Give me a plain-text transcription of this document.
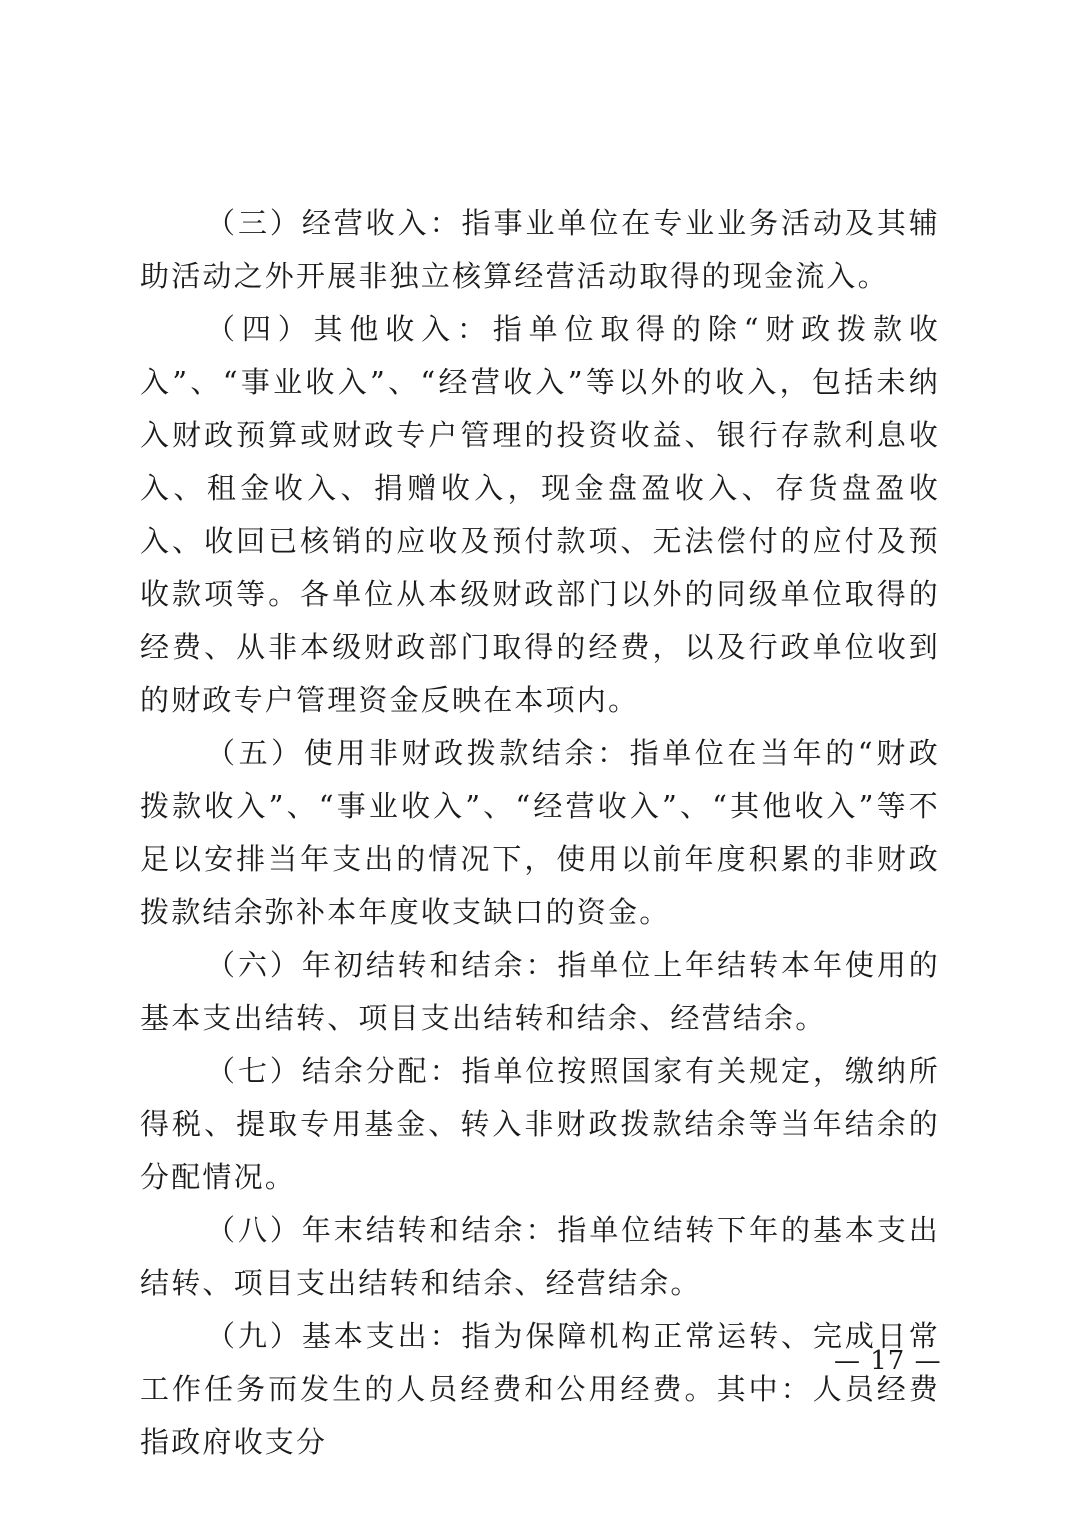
（三）经营收入：指事业单位在专业业务活动及其辅助活动之外开展非独立核算经营活动取得的现金流入。

（四）其他收入：指单位取得的除“财政拨款收入”、“事业收入”、“经营收入”等以外的收入，包括未纳入财政预算或财政专户管理的投资收益、银行存款利息收入、租金收入、捐赠收入，现金盘盈收入、存货盘盈收入、收回已核销的应收及预付款项、无法偿付的应付及预收款项等。各单位从本级财政部门以外的同级单位取得的经费、从非本级财政部门取得的经费，以及行政单位收到的财政专户管理资金反映在本项内。

（五）使用非财政拨款结余：指单位在当年的“财政拨款收入”、“事业收入”、“经营收入”、“其他收入”等不足以安排当年支出的情况下，使用以前年度积累的非财政拨款结余弥补本年度收支缺口的资金。

（六）年初结转和结余：指单位上年结转本年使用的基本支出结转、项目支出结转和结余、经营结余。

（七）结余分配：指单位按照国家有关规定，缴纳所得税、提取专用基金、转入非财政拨款结余等当年结余的分配情况。

（八）年末结转和结余：指单位结转下年的基本支出结转、项目支出结转和结余、经营结余。

（九）基本支出：指为保障机构正常运转、完成日常工作任务而发生的人员经费和公用经费。其中：人员经费指政府收支分

— 17 —
